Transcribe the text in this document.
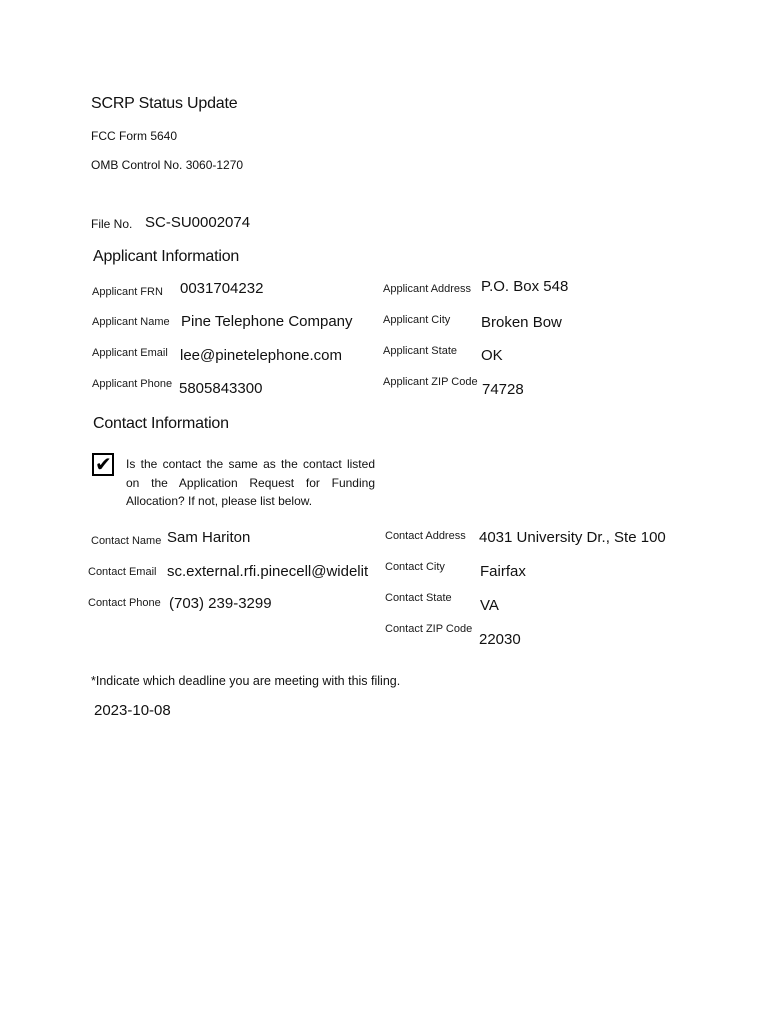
SCRP Status Update
FCC Form 5640
OMB Control No. 3060-1270
File No. SC-SU0002074
Applicant Information
Applicant FRN 0031704232
Applicant Name Pine Telephone Company
Applicant Email lee@pinetelephone.com
Applicant Phone 5805843300
Applicant Address P.O. Box 548
Applicant City Broken Bow
Applicant State OK
Applicant ZIP Code 74728
Contact Information
✔ Is the contact the same as the contact listed on the Application Request for Funding Allocation? If not, please list below.
Contact Name Sam Hariton
Contact Email sc.external.rfi.pinecell@widelit
Contact Phone (703) 239-3299
Contact Address 4031 University Dr., Ste 100
Contact City Fairfax
Contact State VA
Contact ZIP Code
22030
*Indicate which deadline you are meeting with this filing.
2023-10-08
